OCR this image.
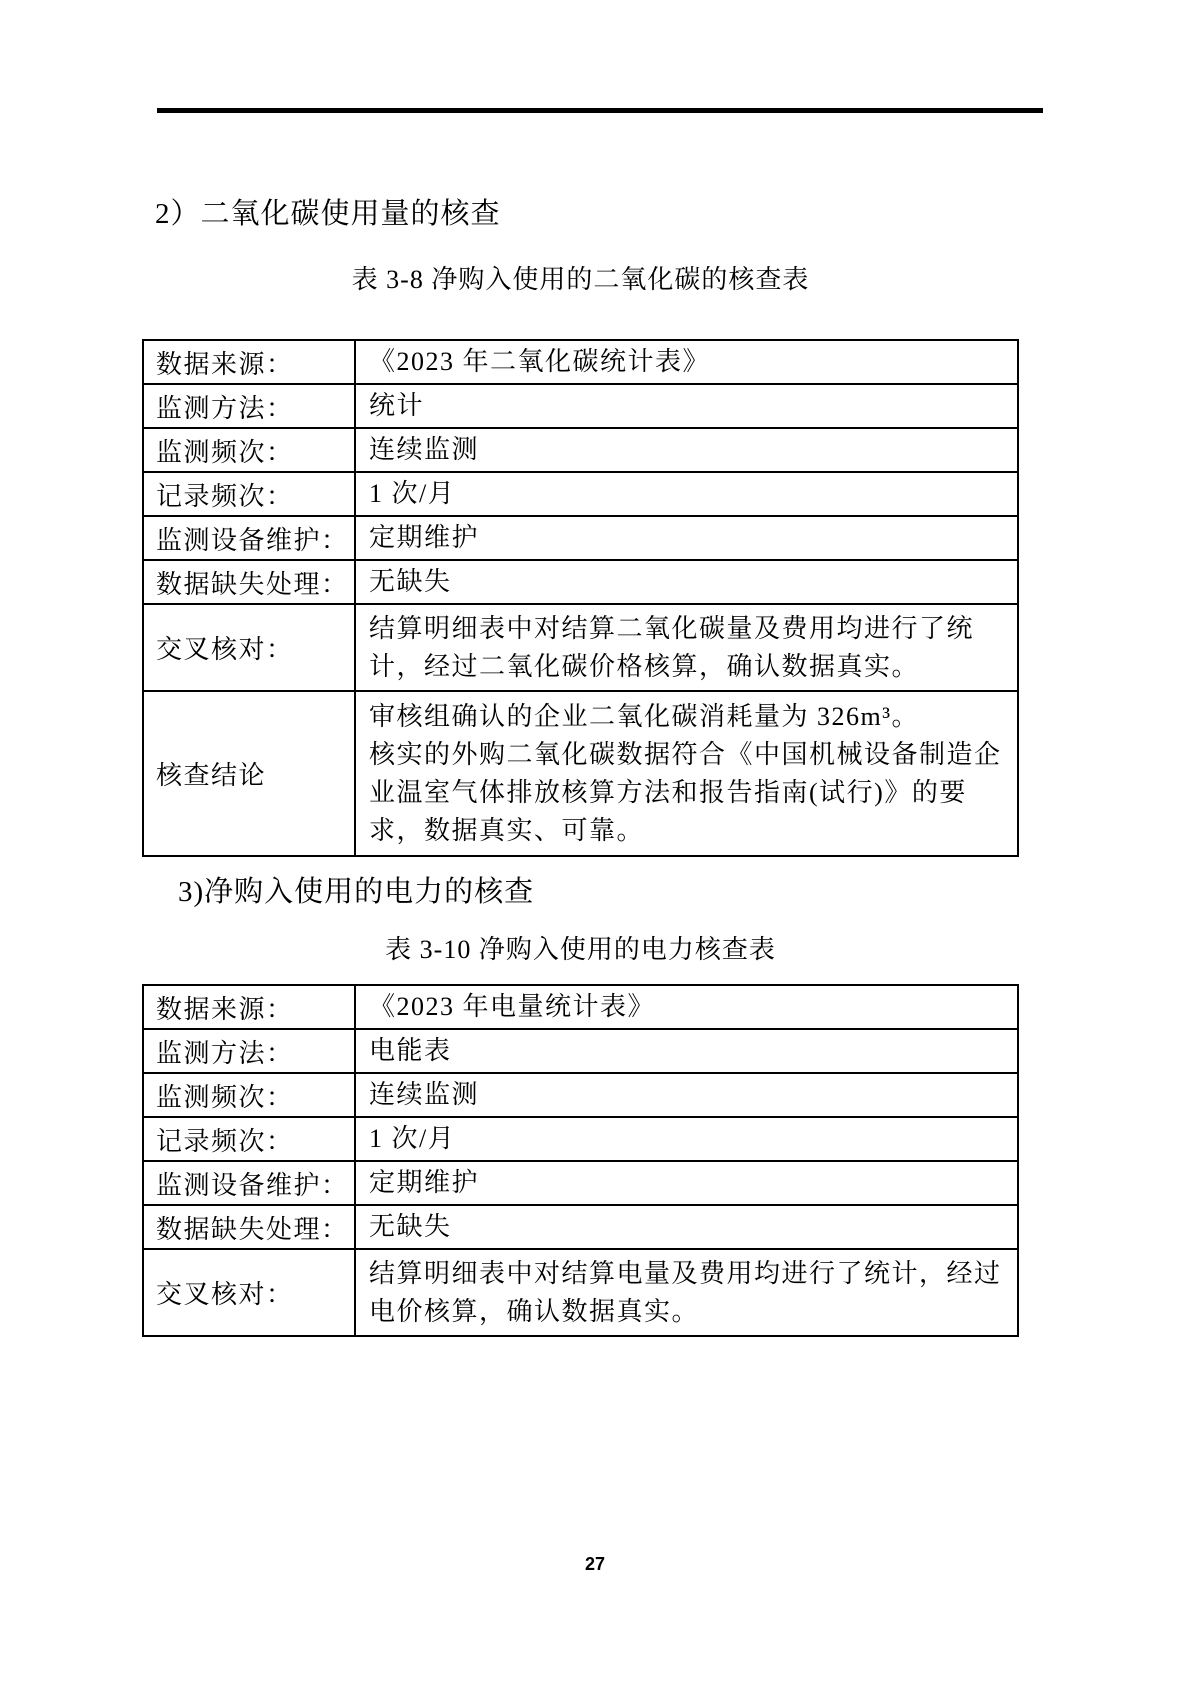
2）二氧化碳使用量的核查
表 3-8 净购入使用的二氧化碳的核查表
数据来源：	《2023 年二氧化碳统计表》
监测方法：	统计
监测频次：	连续监测
记录频次：	1 次/月
监测设备维护：	定期维护
数据缺失处理：	无缺失
交叉核对：	结算明细表中对结算二氧化碳量及费用均进行了统计，经过二氧化碳价格核算，确认数据真实。
核查结论	审核组确认的企业二氧化碳消耗量为 326m³。
核实的外购二氧化碳数据符合《中国机械设备制造企业温室气体排放核算方法和报告指南(试行)》的要求，数据真实、可靠。
3)净购入使用的电力的核查
表 3-10 净购入使用的电力核查表
数据来源：	《2023 年电量统计表》
监测方法：	电能表
监测频次：	连续监测
记录频次：	1 次/月
监测设备维护：	定期维护
数据缺失处理：	无缺失
交叉核对：	结算明细表中对结算电量及费用均进行了统计，经过电价核算，确认数据真实。
27
